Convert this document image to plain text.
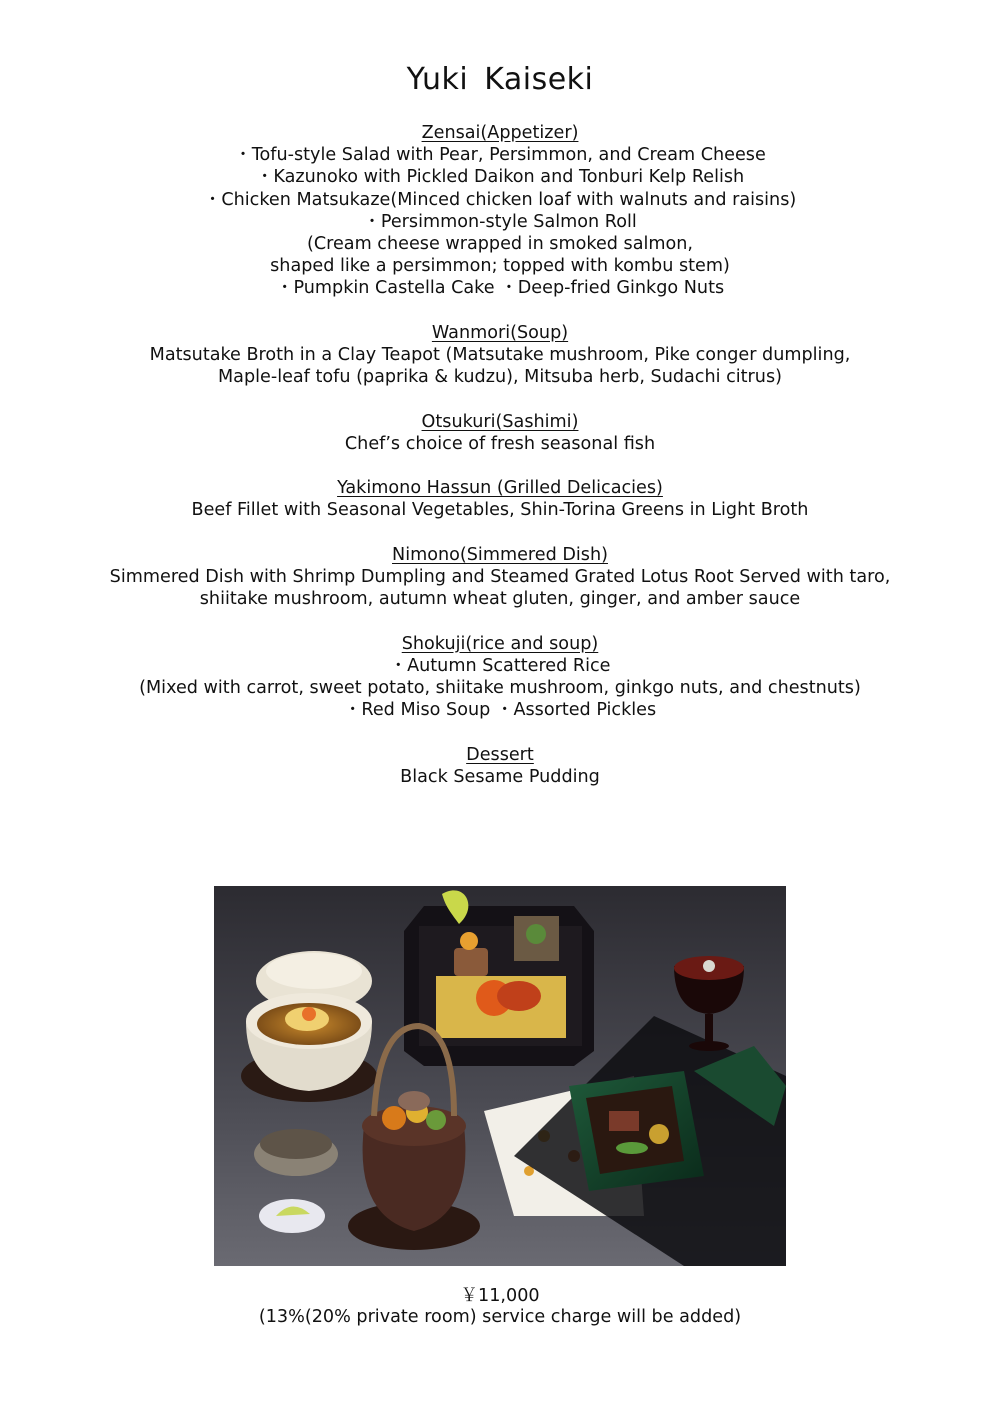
Yuki Kaiseki
Zensai(Appetizer)
・Tofu-style Salad with Pear, Persimmon, and Cream Cheese
・Kazunoko with Pickled Daikon and Tonburi Kelp Relish
・Chicken Matsukaze(Minced chicken loaf with walnuts and raisins)
・Persimmon-style Salmon Roll
(Cream cheese wrapped in smoked salmon,
shaped like a persimmon; topped with kombu stem)
・Pumpkin Castella Cake ・Deep-fried Ginkgo Nuts
Wanmori(Soup)
Matsutake Broth in a Clay Teapot (Matsutake mushroom, Pike conger dumpling,
Maple-leaf tofu (paprika & kudzu), Mitsuba herb, Sudachi citrus)
Otsukuri(Sashimi)
Chef’s choice of fresh seasonal fish
Yakimono Hassun (Grilled Delicacies)
Beef Fillet with Seasonal Vegetables, Shin-Torina Greens in Light Broth
Nimono(Simmered Dish)
Simmered Dish with Shrimp Dumpling and Steamed Grated Lotus Root Served with taro,
shiitake mushroom, autumn wheat gluten, ginger, and amber sauce
Shokuji(rice and soup)
・Autumn Scattered Rice
(Mixed with carrot, sweet potato, shiitake mushroom, ginkgo nuts, and chestnuts)
・Red Miso Soup ・Assorted Pickles
Dessert
Black Sesame Pudding
￥11,000
(13%(20% private room) service charge will be added)
